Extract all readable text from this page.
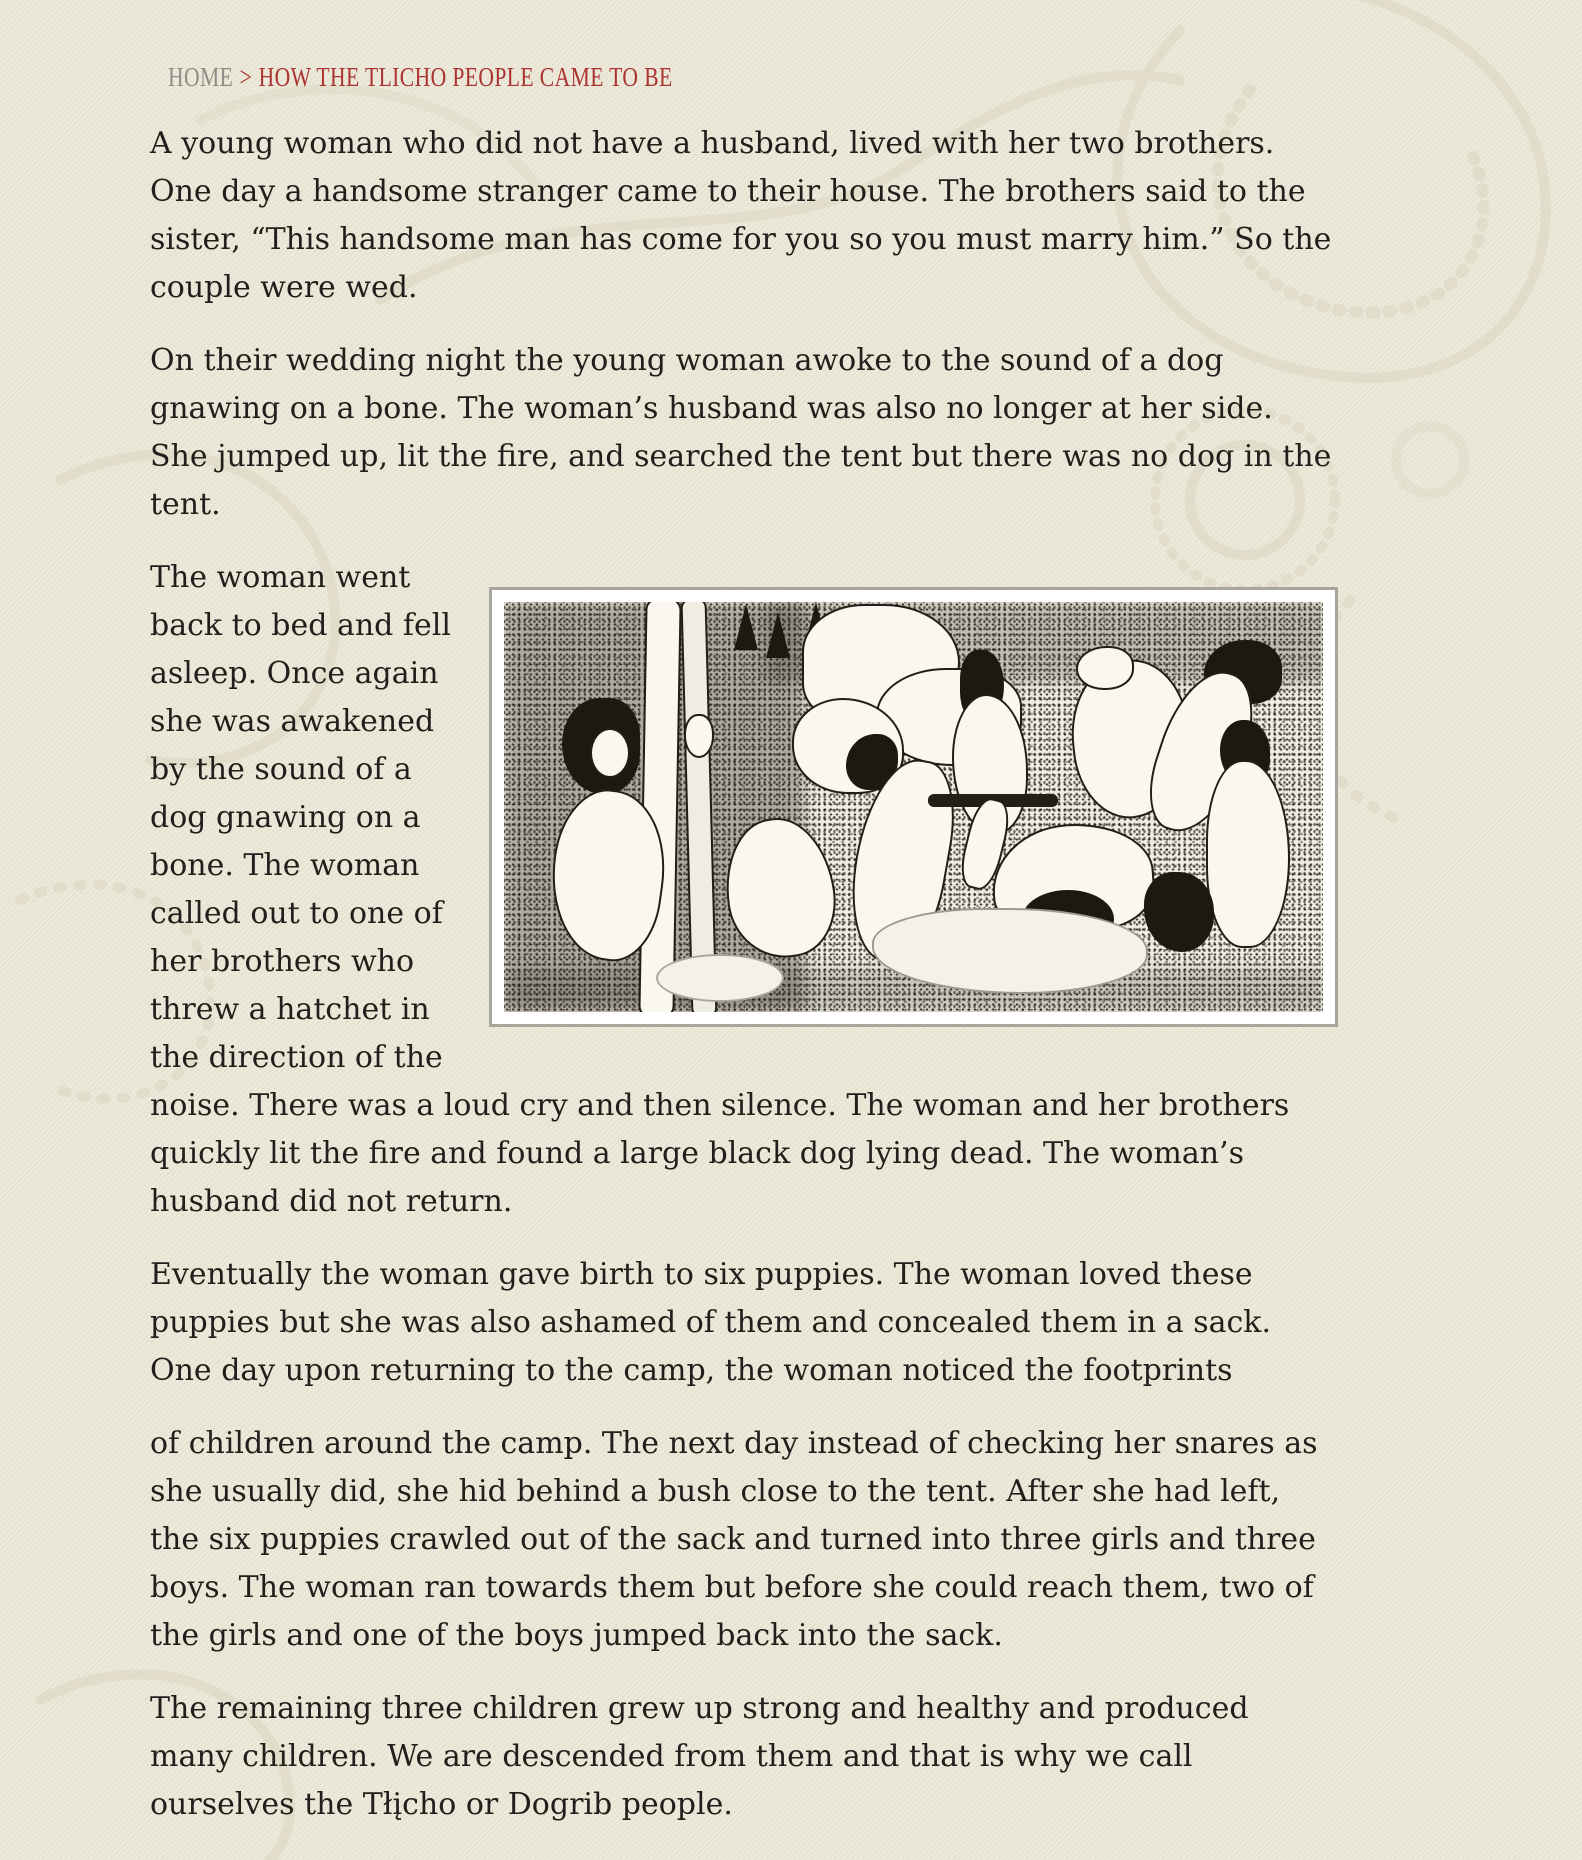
HOME > HOW THE TLICHO PEOPLE CAME TO BE
A young woman who did not have a husband, lived with her two brothers. One day a handsome stranger came to their house. The brothers said to the sister, “This handsome man has come for you so you must marry him.” So the couple were wed.
On their wedding night the young woman awoke to the sound of a dog gnawing on a bone. The woman’s husband was also no longer at her side. She jumped up, lit the fire, and searched the tent but there was no dog in the tent.
The woman went back to bed and fell asleep. Once again she was awakened by the sound of a dog gnawing on a bone. The woman called out to one of her brothers who threw a hatchet in the direction of the noise. There was a loud cry and then silence. The woman and her brothers quickly lit the fire and found a large black dog lying dead. The woman’s husband did not return.
Eventually the woman gave birth to six puppies. The woman loved these puppies but she was also ashamed of them and concealed them in a sack. One day upon returning to the camp, the woman noticed the footprints
of children around the camp. The next day instead of checking her snares as she usually did, she hid behind a bush close to the tent. After she had left, the six puppies crawled out of the sack and turned into three girls and three boys. The woman ran towards them but before she could reach them, two of the girls and one of the boys jumped back into the sack.
The remaining three children grew up strong and healthy and produced many children. We are descended from them and that is why we call ourselves the Tłįcho or Dogrib people.
